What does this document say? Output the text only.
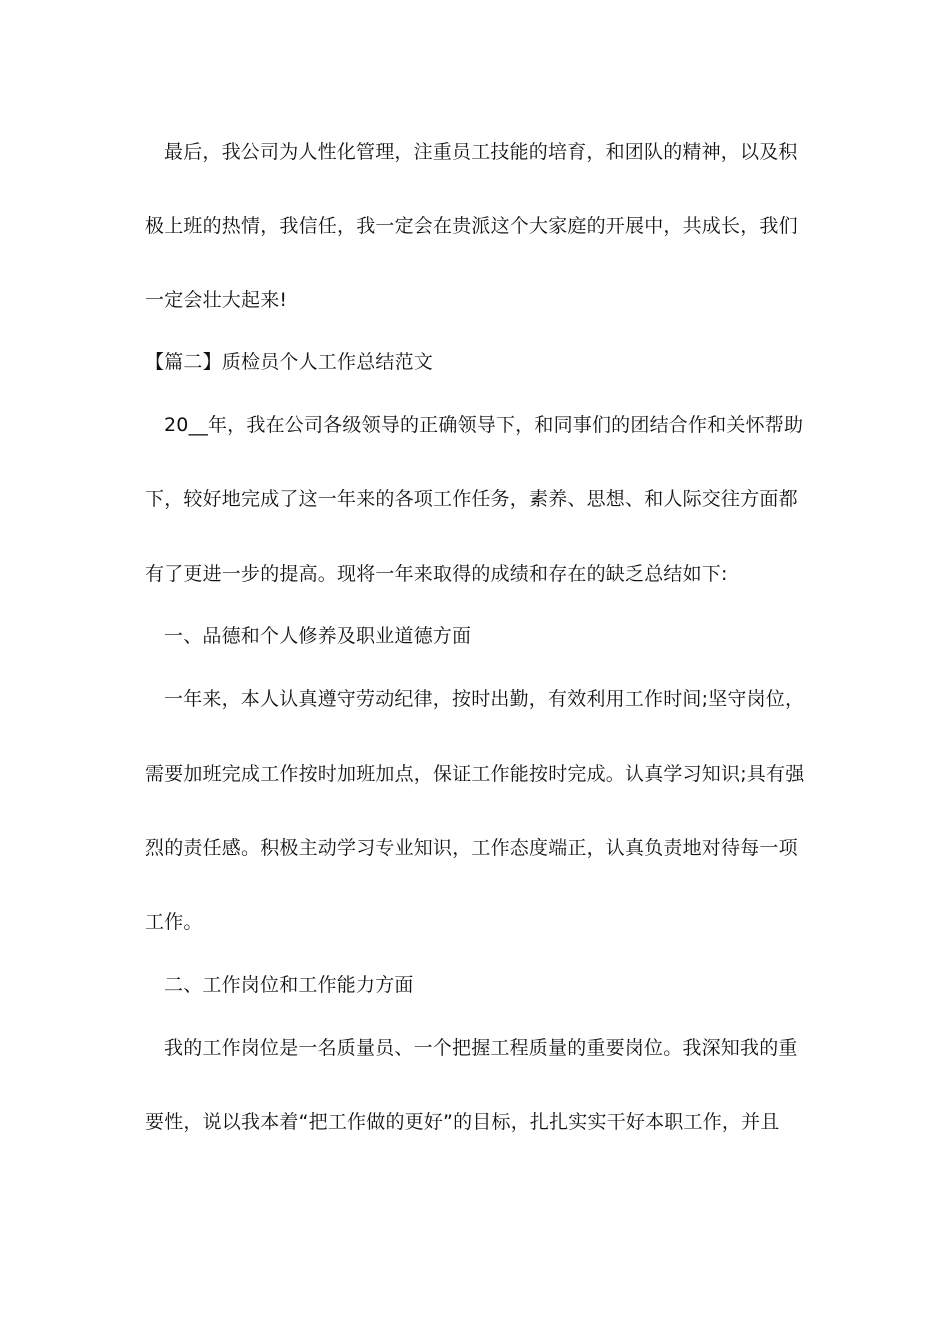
最后，我公司为人性化管理，注重员工技能的培育，和团队的精神，以及积
极上班的热情，我信任，我一定会在贵派这个大家庭的开展中，共成长，我们
一定会壮大起来!
【篇二】质检员个人工作总结范文
20__年，我在公司各级领导的正确领导下，和同事们的团结合作和关怀帮助
下，较好地完成了这一年来的各项工作任务，素养、思想、和人际交往方面都
有了更进一步的提高。现将一年来取得的成绩和存在的缺乏总结如下:
一、品德和个人修养及职业道德方面
一年来，本人认真遵守劳动纪律，按时出勤，有效利用工作时间;坚守岗位，
需要加班完成工作按时加班加点，保证工作能按时完成。认真学习知识;具有强
烈的责任感。积极主动学习专业知识，工作态度端正，认真负责地对待每一项
工作。
二、工作岗位和工作能力方面
我的工作岗位是一名质量员、一个把握工程质量的重要岗位。我深知我的重
要性，说以我本着“把工作做的更好”的目标，扎扎实实干好本职工作，并且
